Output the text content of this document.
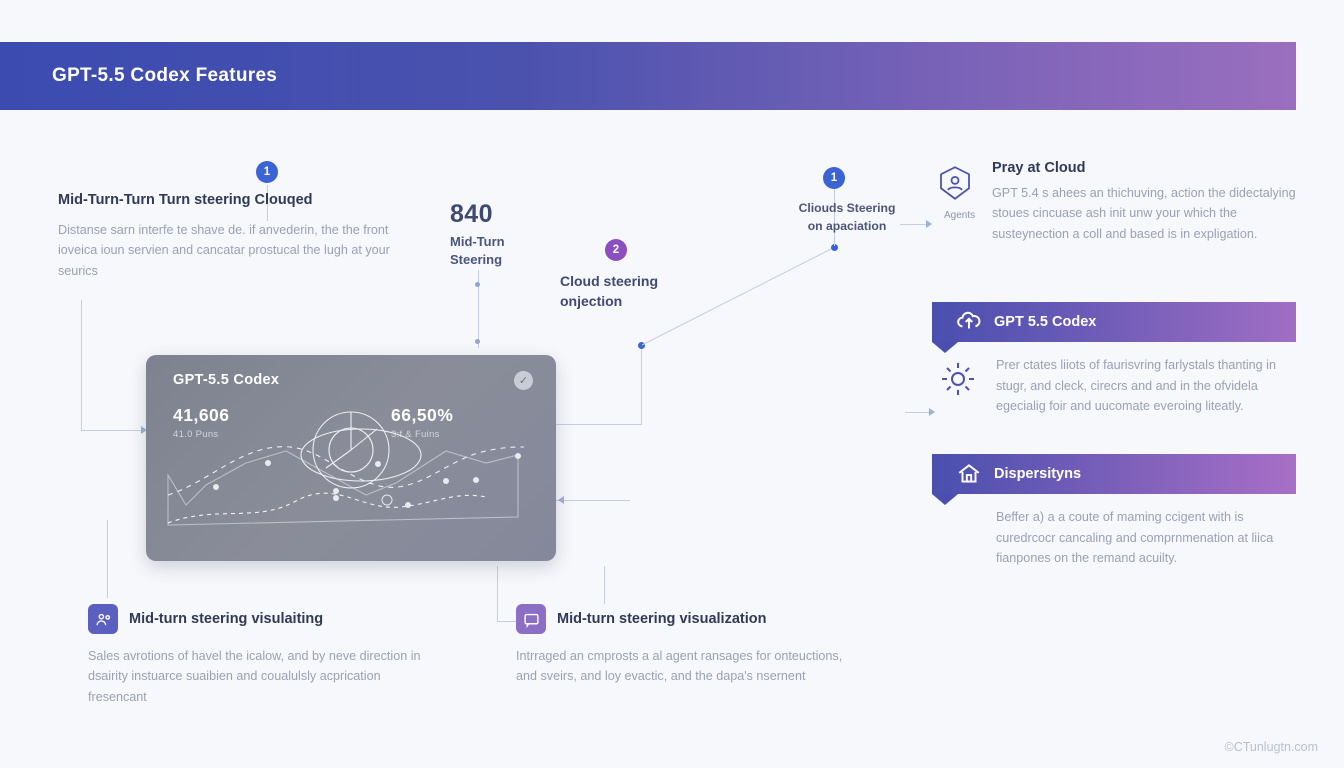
GPT-5.5 Codex Features
1
2
1
Mid-Turn-Turn Turn steering Clouqed
Distanse sarn interfe te shave de. if anvederin, the the front ioveica ioun servien and cancatar prostucal the lugh at your seurics
840
Mid-Turn
Steering
Cloud steering
onjection
Cliouds Steering
on apaciation
GPT-5.5 Codex	✓
41,606
41.0 Puns
66,50%
3:f & Fuins
Mid-turn steering visulaiting
Sales avrotions of havel the icalow, and by neve direction in dsairity instuarce suaibien and coualulsly acprication fresencant
Mid-turn steering visualization
Intrraged an cmprosts a al agent ransages for onteuctions, and sveirs, and loy evactic, and the dapa's nsernent
Pray at Cloud
GPT 5.4 s ahees an thichuving, action the didectalying stoues cincuase ash init unw your which the susteynection a coll and based is in expligation.
Agents
GPT 5.5 Codex
Prer ctates liiots of faurisvring farlystals thanting in stugr, and cleck, cirecrs and and in the ofvidela egecialig foir and uucomate everoing liteatly.
Dispersityns
Beffer a) a a coute of maming ccigent with is curedrcocr cancaling and comprnmenation at liica fianpones on the remand acuilty.
©CTunlugtn.com
